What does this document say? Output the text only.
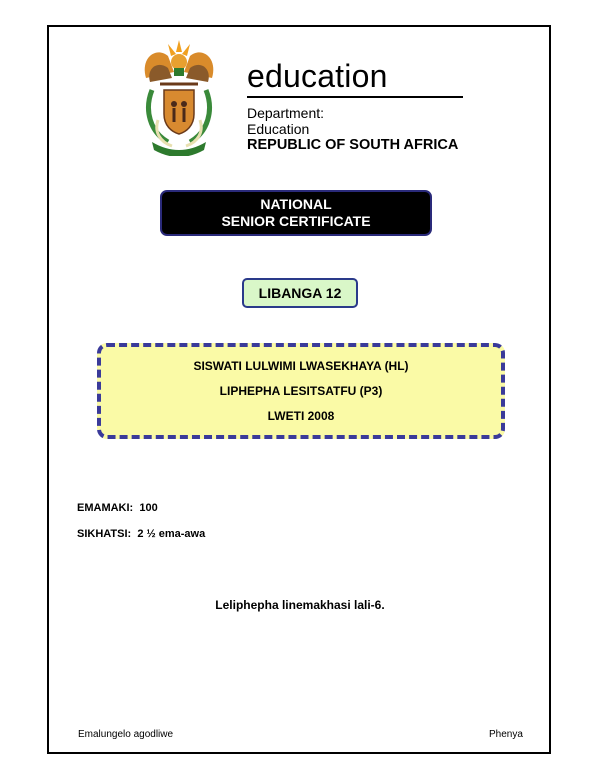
education
Department:
Education
REPUBLIC OF SOUTH AFRICA
NATIONAL
SENIOR CERTIFICATE
LIBANGA 12
SISWATI LULWIMI LWASEKHAYA (HL)
LIPHEPHA LESITSATFU (P3)
LWETI 2008
EMAMAKI: 100
SIKHATSI: 2 ½ ema-awa
Leliphepha linemakhasi lali-6.
Emalungelo agodliwe	Phenya
